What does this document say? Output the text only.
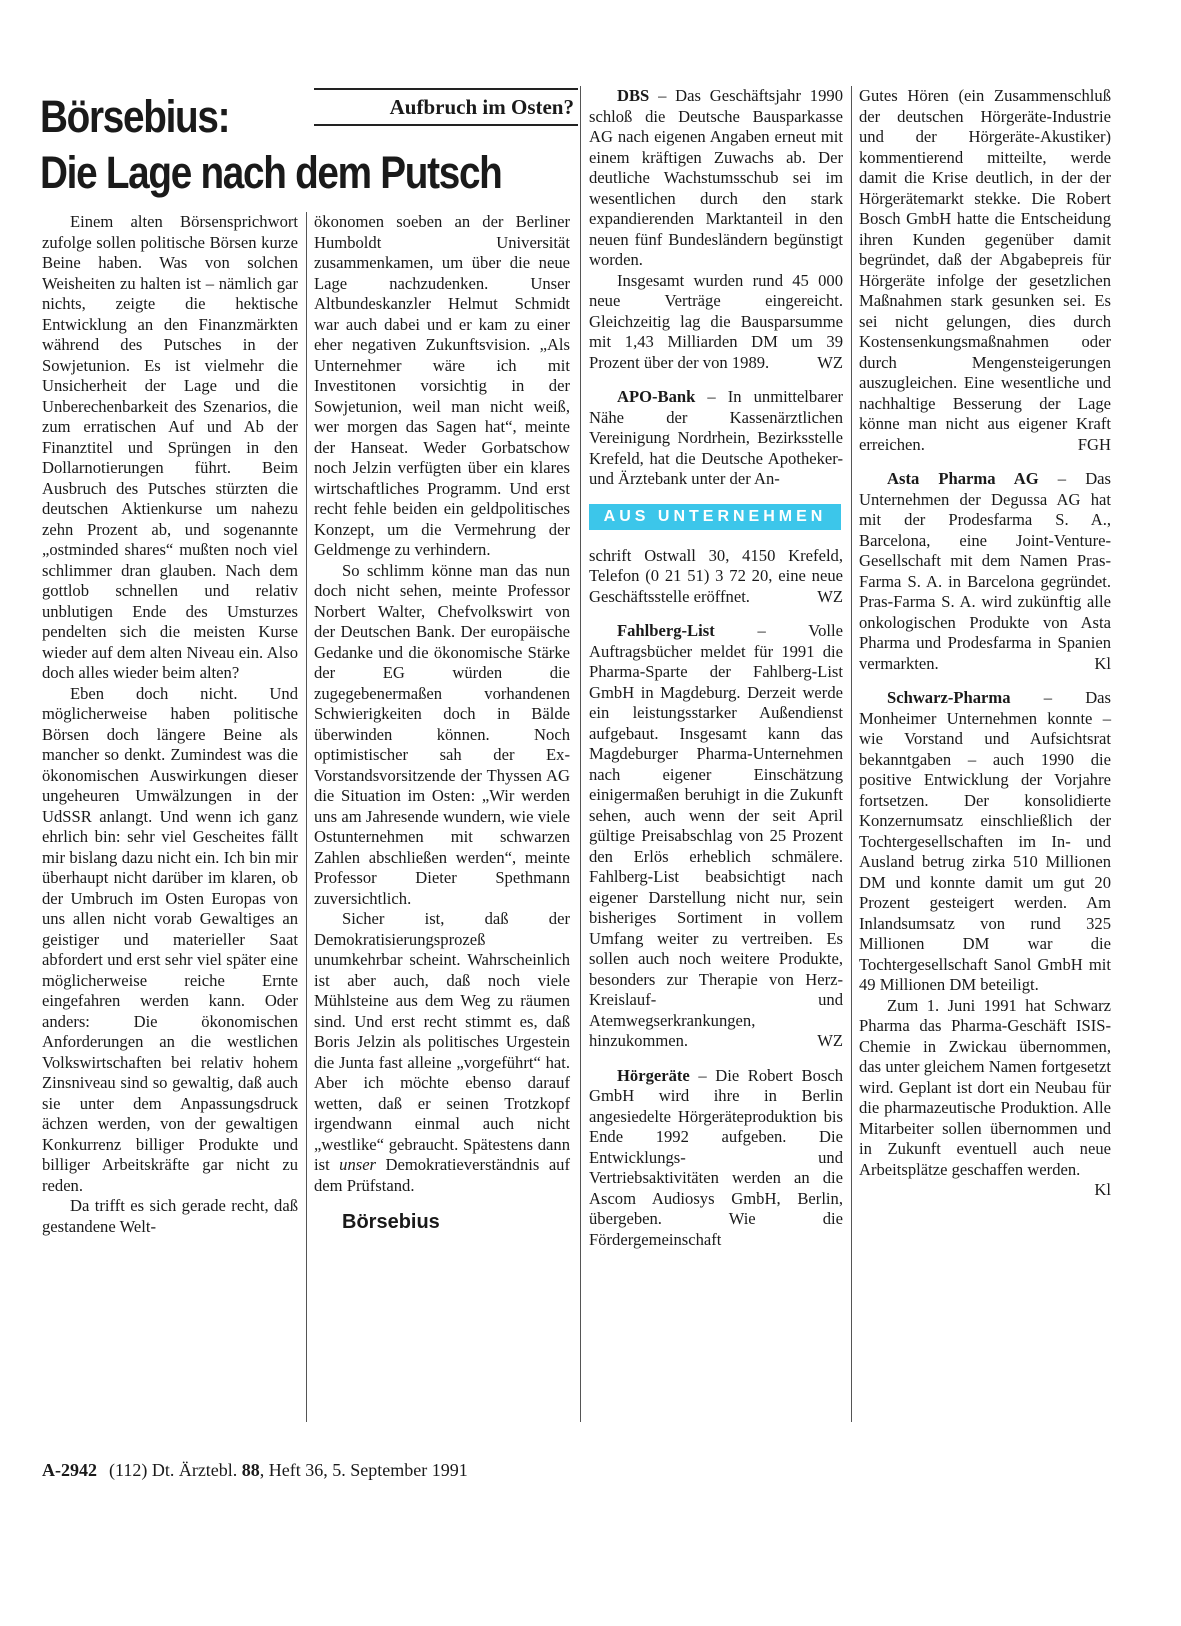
Börsebius:	Aufbruch im Osten?
Die Lage nach dem Putsch

Einem alten Börsensprichwort zufolge sollen politische Börsen kurze Beine haben. Was von solchen Weisheiten zu halten ist – nämlich gar nichts, zeigte die hektische Entwicklung an den Finanzmärkten während des Putsches in der Sowjetunion. Es ist vielmehr die Unsicherheit der Lage und die Unberechenbarkeit des Szenarios, die zum erratischen Auf und Ab der Finanztitel und Sprüngen in den Dollarnotierungen führt. Beim Ausbruch des Putsches stürzten die deutschen Aktienkurse um nahezu zehn Prozent ab, und sogenannte „ostminded shares“ mußten noch viel schlimmer dran glauben. Nach dem gottlob schnellen und relativ unblutigen Ende des Umsturzes pendelten sich die meisten Kurse wieder auf dem alten Niveau ein. Also doch alles wieder beim alten?

Eben doch nicht. Und möglicherweise haben politische Börsen doch längere Beine als mancher so denkt. Zumindest was die ökonomischen Auswirkungen dieser ungeheuren Umwälzungen in der UdSSR anlangt. Und wenn ich ganz ehrlich bin: sehr viel Gescheites fällt mir bislang dazu nicht ein. Ich bin mir überhaupt nicht darüber im klaren, ob der Umbruch im Osten Europas von uns allen nicht vorab Gewaltiges an geistiger und materieller Saat abfordert und erst sehr viel später eine möglicherweise reiche Ernte eingefahren werden kann. Oder anders: Die ökonomischen Anforderungen an die westlichen Volkswirtschaften bei relativ hohem Zinsniveau sind so gewaltig, daß auch sie unter dem Anpassungsdruck ächzen werden, von der gewaltigen Konkurrenz billiger Produkte und billiger Arbeitskräfte gar nicht zu reden.

Da trifft es sich gerade recht, daß gestandene Welt-

ökonomen soeben an der Berliner Humboldt Universität zusammenkamen, um über die neue Lage nachzudenken. Unser Altbundeskanzler Helmut Schmidt war auch dabei und er kam zu einer eher negativen Zukunftsvision. „Als Unternehmer wäre ich mit Investitonen vorsichtig in der Sowjetunion, weil man nicht weiß, wer morgen das Sagen hat“, meinte der Hanseat. Weder Gorbatschow noch Jelzin verfügten über ein klares wirtschaftliches Programm. Und erst recht fehle beiden ein geldpolitisches Konzept, um die Vermehrung der Geldmenge zu verhindern.

So schlimm könne man das nun doch nicht sehen, meinte Professor Norbert Walter, Chefvolkswirt von der Deutschen Bank. Der europäische Gedanke und die ökonomische Stärke der EG würden die zugegebenermaßen vorhandenen Schwierigkeiten doch in Bälde überwinden können. Noch optimistischer sah der Ex-Vorstandsvorsitzende der Thyssen AG die Situation im Osten: „Wir werden uns am Jahresende wundern, wie viele Ostunternehmen mit schwarzen Zahlen abschließen werden“, meinte Professor Dieter Spethmann zuversichtlich.

Sicher ist, daß der Demokratisierungsprozeß unumkehrbar scheint. Wahrscheinlich ist aber auch, daß noch viele Mühlsteine aus dem Weg zu räumen sind. Und erst recht stimmt es, daß Boris Jelzin als politisches Urgestein die Junta fast alleine „vorgeführt“ hat. Aber ich möchte ebenso darauf wetten, daß er seinen Trotzkopf irgendwann einmal auch nicht „westlike“ gebraucht. Spätestens dann ist unser Demokratieverständnis auf dem Prüfstand.

Börsebius

DBS – Das Geschäftsjahr 1990 schloß die Deutsche Bausparkasse AG nach eigenen Angaben erneut mit einem kräftigen Zuwachs ab. Der deutliche Wachstumsschub sei im wesentlichen durch den stark expandierenden Marktanteil in den neuen fünf Bundesländern begünstigt worden.

Insgesamt wurden rund 45 000 neue Verträge eingereicht. Gleichzeitig lag die Bausparsumme mit 1,43 Milliarden DM um 39 Prozent über der von 1989.	WZ

APO-Bank – In unmittelbarer Nähe der Kassenärztlichen Vereinigung Nordrhein, Bezirksstelle Krefeld, hat die Deutsche Apotheker- und Ärztebank unter der An-

AUS UNTERNEHMEN

schrift Ostwall 30, 4150 Krefeld, Telefon (0 21 51) 3 72 20, eine neue Geschäftsstelle eröffnet.	WZ

Fahlberg-List – Volle Auftragsbücher meldet für 1991 die Pharma-Sparte der Fahlberg-List GmbH in Magdeburg. Derzeit werde ein leistungsstarker Außendienst aufgebaut. Insgesamt kann das Magdeburger Pharma-Unternehmen nach eigener Einschätzung einigermaßen beruhigt in die Zukunft sehen, auch wenn der seit April gültige Preisabschlag von 25 Prozent den Erlös erheblich schmälere. Fahlberg-List beabsichtigt nach eigener Darstellung nicht nur, sein bisheriges Sortiment in vollem Umfang weiter zu vertreiben. Es sollen auch noch weitere Produkte, besonders zur Therapie von Herz-Kreislauf- und Atemwegserkrankungen, hinzukommen.	WZ

Hörgeräte – Die Robert Bosch GmbH wird ihre in Berlin angesiedelte Hörgeräteproduktion bis Ende 1992 aufgeben. Die Entwicklungs- und Vertriebsaktivitäten werden an die Ascom Audiosys GmbH, Berlin, übergeben. Wie die Fördergemeinschaft

Gutes Hören (ein Zusammenschluß der deutschen Hörgeräte-Industrie und der Hörgeräte-Akustiker) kommentierend mitteilte, werde damit die Krise deutlich, in der der Hörgerätemarkt stekke. Die Robert Bosch GmbH hatte die Entscheidung ihren Kunden gegenüber damit begründet, daß der Abgabepreis für Hörgeräte infolge der gesetzlichen Maßnahmen stark gesunken sei. Es sei nicht gelungen, dies durch Kostensenkungsmaßnahmen oder durch Mengensteigerungen auszugleichen. Eine wesentliche und nachhaltige Besserung der Lage könne man nicht aus eigener Kraft erreichen.	FGH

Asta Pharma AG – Das Unternehmen der Degussa AG hat mit der Prodesfarma S. A., Barcelona, eine Joint-Venture-Gesellschaft mit dem Namen Pras-Farma S. A. in Barcelona gegründet. Pras-Farma S. A. wird zukünftig alle onkologischen Produkte von Asta Pharma und Prodesfarma in Spanien vermarkten.	Kl

Schwarz-Pharma – Das Monheimer Unternehmen konnte – wie Vorstand und Aufsichtsrat bekanntgaben – auch 1990 die positive Entwicklung der Vorjahre fortsetzen. Der konsolidierte Konzernumsatz einschließlich der Tochtergesellschaften im In- und Ausland betrug zirka 510 Millionen DM und konnte damit um gut 20 Prozent gesteigert werden. Am Inlandsumsatz von rund 325 Millionen DM war die Tochtergesellschaft Sanol GmbH mit 49 Millionen DM beteiligt.

Zum 1. Juni 1991 hat Schwarz Pharma das Pharma-Geschäft ISIS-Chemie in Zwickau übernommen, das unter gleichem Namen fortgesetzt wird. Geplant ist dort ein Neubau für die pharmazeutische Produktion. Alle Mitarbeiter sollen übernommen und in Zukunft eventuell auch neue Arbeitsplätze geschaffen werden.
Kl

A-2942 (112) Dt. Ärztebl. 88, Heft 36, 5. September 1991
